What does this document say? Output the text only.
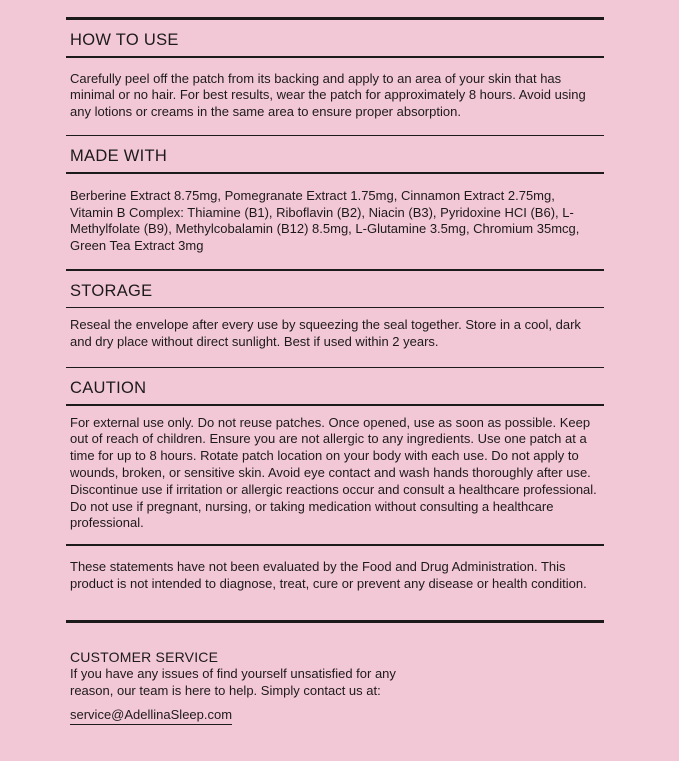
HOW TO USE
Carefully peel off the patch from its backing and apply to an area of your skin that has minimal or no hair. For best results, wear the patch for approximately 8 hours. Avoid using any lotions or creams in the same area to ensure proper absorption.
MADE WITH
Berberine Extract 8.75mg, Pomegranate Extract 1.75mg, Cinnamon Extract 2.75mg, Vitamin B Complex: Thiamine (B1), Riboflavin (B2), Niacin (B3), Pyridoxine HCI (B6), L-Methylfolate (B9), Methylcobalamin (B12) 8.5mg, L-Glutamine 3.5mg, Chromium 35mcg, Green Tea Extract 3mg
STORAGE
Reseal the envelope after every use by squeezing the seal together. Store in a cool, dark and dry place without direct sunlight. Best if used within 2 years.
CAUTION
For external use only. Do not reuse patches. Once opened, use as soon as possible. Keep out of reach of children. Ensure you are not allergic to any ingredients. Use one patch at a time for up to 8 hours. Rotate patch location on your body with each use. Do not apply to wounds, broken, or sensitive skin. Avoid eye contact and wash hands thoroughly after use. Discontinue use if irritation or allergic reactions occur and consult a healthcare professional. Do not use if pregnant, nursing, or taking medication without consulting a healthcare professional.
These statements have not been evaluated by the Food and Drug Administration. This product is not intended to diagnose, treat, cure or prevent any disease or health condition.
CUSTOMER SERVICE
If you have any issues of find yourself unsatisfied for any reason, our team is here to help. Simply contact us at:
service@AdellinaSleep.com
